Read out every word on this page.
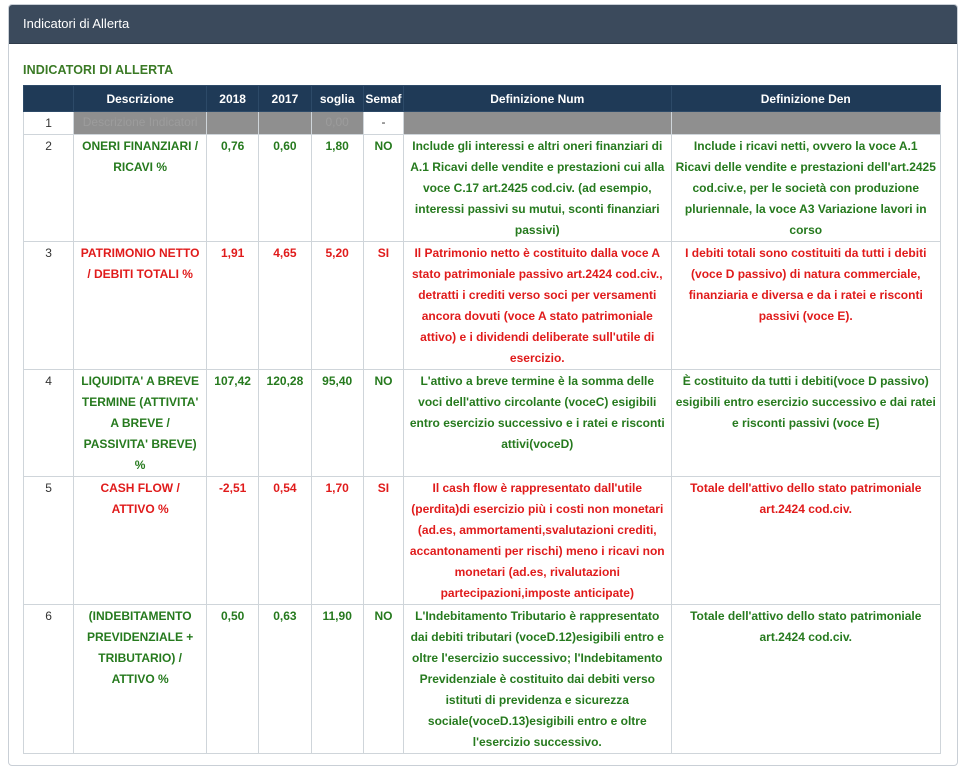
Indicatori di Allerta
INDICATORI DI ALLERTA
	Descrizione	2018	2017	soglia	Semaf	Definizione Num	Definizione Den
1	Descrizione Indicatori			0,00	-		
2	ONERI FINANZIARI / RICAVI %	0,76	0,60	1,80	NO	Include gli interessi e altri oneri finanziari di A.1 Ricavi delle vendite e prestazioni cui alla voce C.17 art.2425 cod.civ. (ad esempio, interessi passivi su mutui, sconti finanziari passivi)	Include i ricavi netti, ovvero la voce A.1 Ricavi delle vendite e prestazioni dell'art.2425 cod.civ.e, per le società con produzione pluriennale, la voce A3 Variazione lavori in corso
3	PATRIMONIO NETTO / DEBITI TOTALI %	1,91	4,65	5,20	SI	Il Patrimonio netto è costituito dalla voce A stato patrimoniale passivo art.2424 cod.civ., detratti i crediti verso soci per versamenti ancora dovuti (voce A stato patrimoniale attivo) e i dividendi deliberate sull'utile di esercizio.	I debiti totali sono costituiti da tutti i debiti (voce D passivo) di natura commerciale, finanziaria e diversa e da i ratei e risconti passivi (voce E).
4	LIQUIDITA' A BREVE TERMINE (ATTIVITA' A BREVE / PASSIVITA' BREVE) %	107,42	120,28	95,40	NO	L'attivo a breve termine è la somma delle voci dell'attivo circolante (voceC) esigibili entro esercizio successivo e i ratei e risconti attivi(voceD)	È costituito da tutti i debiti(voce D passivo) esigibili entro esercizio successivo e dai ratei e risconti passivi (voce E)
5	CASH FLOW / ATTIVO %	-2,51	0,54	1,70	SI	Il cash flow è rappresentato dall'utile (perdita)di esercizio più i costi non monetari (ad.es, ammortamenti,svalutazioni crediti, accantonamenti per rischi) meno i ricavi non monetari (ad.es, rivalutazioni partecipazioni,imposte anticipate)	Totale dell'attivo dello stato patrimoniale art.2424 cod.civ.
6	(INDEBITAMENTO PREVIDENZIALE + TRIBUTARIO) / ATTIVO %	0,50	0,63	11,90	NO	L'Indebitamento Tributario è rappresentato dai debiti tributari (voceD.12)esigibili entro e oltre l'esercizio successivo; l'Indebitamento Previdenziale è costituito dai debiti verso istituti di previdenza e sicurezza sociale(voceD.13)esigibili entro e oltre l'esercizio successivo.	Totale dell'attivo dello stato patrimoniale art.2424 cod.civ.
